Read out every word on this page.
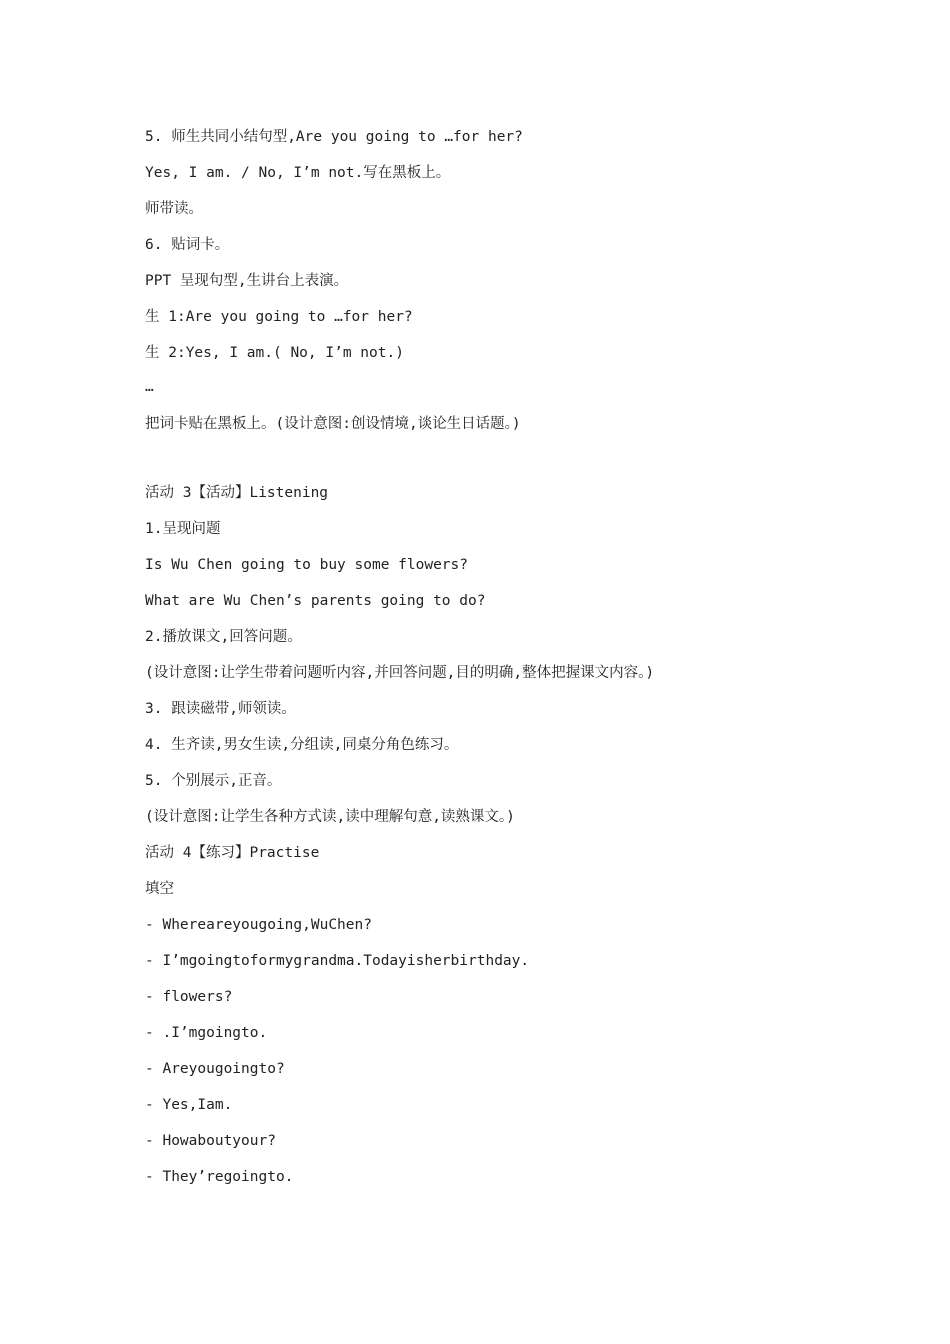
5. 师生共同小结句型,Are you going to …for her?
Yes, I am. / No, I’m not.写在黑板上。
师带读。
6. 贴词卡。
PPT 呈现句型,生讲台上表演。
生 1:Are you going to …for her?
生 2:Yes, I am.( No, I’m not.)
…
把词卡贴在黑板上。(设计意图:创设情境,谈论生日话题。)
活动 3【活动】Listening
1.呈现问题
Is Wu Chen going to buy some flowers?
What are Wu Chen’s parents going to do?
2.播放课文,回答问题。
(设计意图:让学生带着问题听内容,并回答问题,目的明确,整体把握课文内容。)
3. 跟读磁带,师领读。
4. 生齐读,男女生读,分组读,同桌分角色练习。
5. 个别展示,正音。
(设计意图:让学生各种方式读,读中理解句意,读熟课文。)
活动 4【练习】Practise
填空
- Whereareyougoing,WuChen?
- I’mgoingtoformygrandma.Todayisherbirthday.
- flowers?
- .I’mgoingto.
- Areyougoingto?
- Yes,Iam.
- Howaboutyour?
- They’regoingto.
